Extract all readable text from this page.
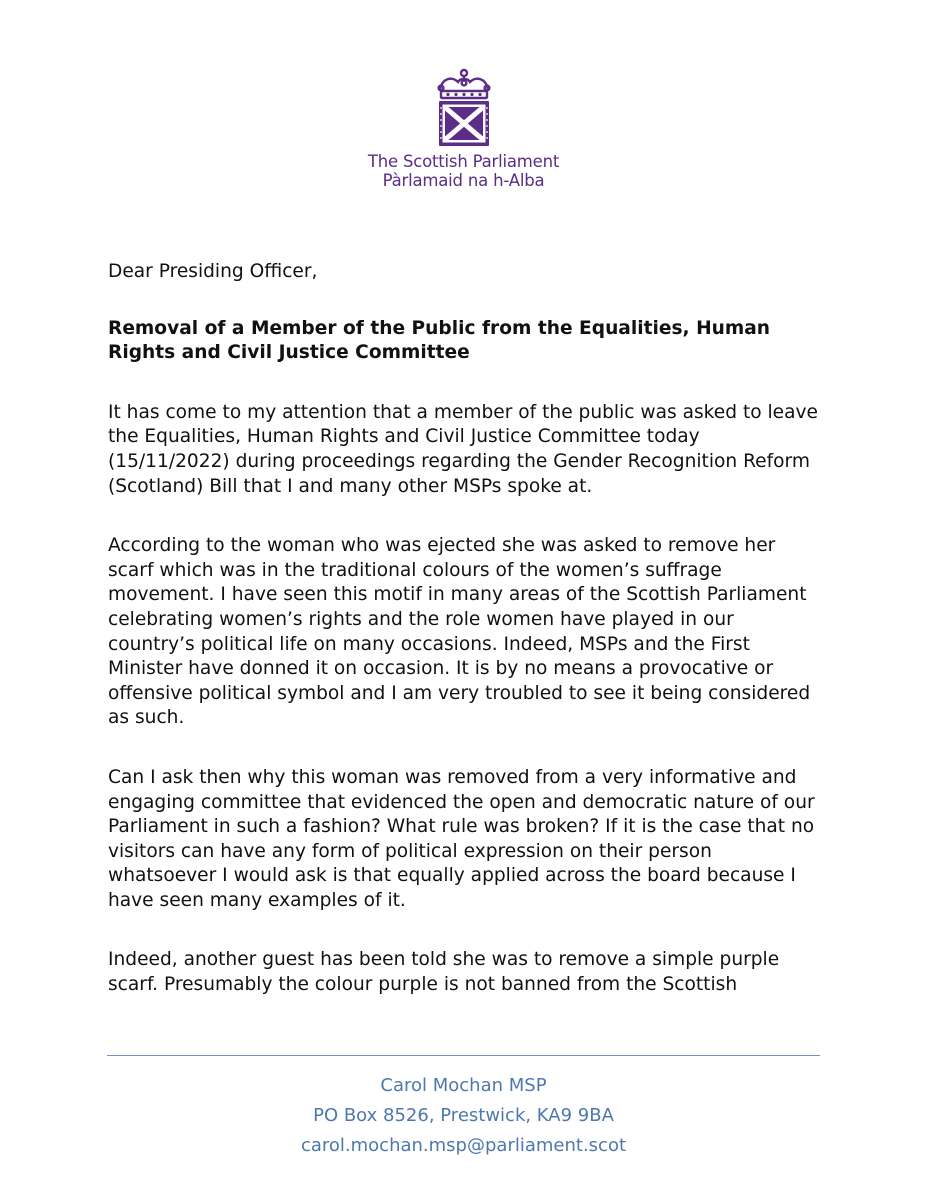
The Scottish Parliament
Pàrlamaid na h-Alba

Dear Presiding Officer,

Removal of a Member of the Public from the Equalities, Human Rights and Civil Justice Committee

It has come to my attention that a member of the public was asked to leave the Equalities, Human Rights and Civil Justice Committee today (15/11/2022) during proceedings regarding the Gender Recognition Reform (Scotland) Bill that I and many other MSPs spoke at.

According to the woman who was ejected she was asked to remove her scarf which was in the traditional colours of the women’s suffrage movement. I have seen this motif in many areas of the Scottish Parliament celebrating women’s rights and the role women have played in our country’s political life on many occasions. Indeed, MSPs and the First Minister have donned it on occasion. It is by no means a provocative or offensive political symbol and I am very troubled to see it being considered as such.

Can I ask then why this woman was removed from a very informative and engaging committee that evidenced the open and democratic nature of our Parliament in such a fashion? What rule was broken? If it is the case that no visitors can have any form of political expression on their person whatsoever I would ask is that equally applied across the board because I have seen many examples of it.

Indeed, another guest has been told she was to remove a simple purple scarf. Presumably the colour purple is not banned from the Scottish

Carol Mochan MSP
PO Box 8526, Prestwick, KA9 9BA
carol.mochan.msp@parliament.scot
